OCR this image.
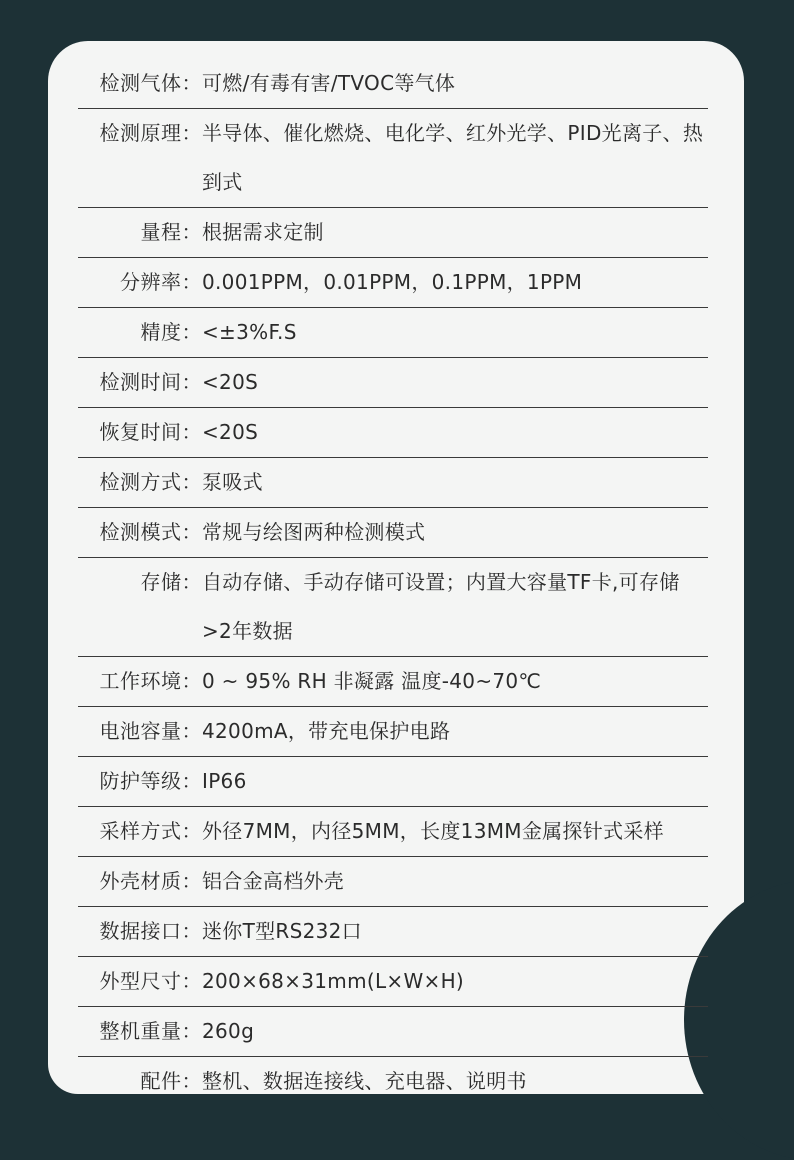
检测气体： 可燃/有毒有害/TVOC等气体
检测原理： 半导体、催化燃烧、电化学、红外光学、PID光离子、热到式
量程： 根据需求定制
分辨率： 0.001PPM，0.01PPM，0.1PPM，1PPM
精度： <±3%F.S
检测时间： <20S
恢复时间： <20S
检测方式： 泵吸式
检测模式： 常规与绘图两种检测模式
存储： 自动存储、手动存储可设置；内置大容量TF卡,可存储>2年数据
工作环境： 0 ~ 95% RH 非凝露 温度-40~70℃
电池容量： 4200mA，带充电保护电路
防护等级： IP66
采样方式： 外径7MM，内径5MM，长度13MM金属探针式采样
外壳材质： 铝合金高档外壳
数据接口： 迷你T型RS232口
外型尺寸： 200×68×31mm(L×W×H)
整机重量： 260g
配件： 整机、数据连接线、充电器、说明书
